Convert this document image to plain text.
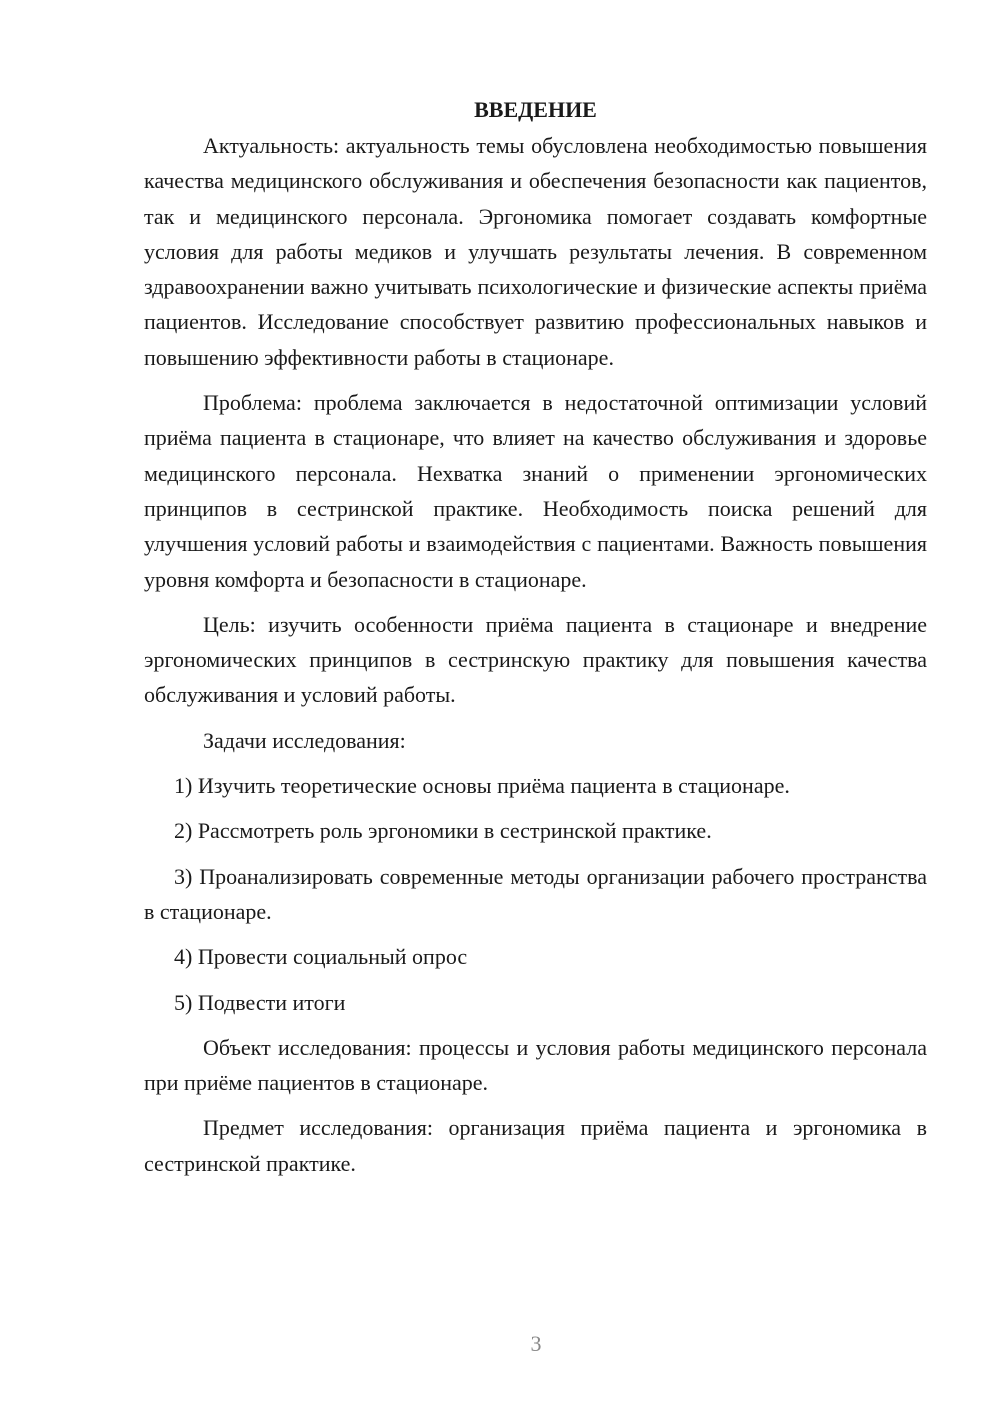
ВВЕДЕНИЕ

Актуальность: актуальность темы обусловлена необходимостью повышения качества медицинского обслуживания и обеспечения безопасности как пациентов, так и медицинского персонала. Эргономика помогает создавать комфортные условия для работы медиков и улучшать результаты лечения. В современном здравоохранении важно учитывать психологические и физические аспекты приёма пациентов. Исследование способствует развитию профессиональных навыков и повышению эффективности работы в стационаре.

Проблема: проблема заключается в недостаточной оптимизации условий приёма пациента в стационаре, что влияет на качество обслуживания и здоровье медицинского персонала. Нехватка знаний о применении эргономических принципов в сестринской практике. Необходимость поиска решений для улучшения условий работы и взаимодействия с пациентами. Важность повышения уровня комфорта и безопасности в стационаре.

Цель: изучить особенности приёма пациента в стационаре и внедрение эргономических принципов в сестринскую практику для повышения качества обслуживания и условий работы.

Задачи исследования:

1) Изучить теоретические основы приёма пациента в стационаре.

2) Рассмотреть роль эргономики в сестринской практике.

3) Проанализировать современные методы организации рабочего пространства в стационаре.

4) Провести социальный опрос

5) Подвести итоги

Объект исследования: процессы и условия работы медицинского персонала при приёме пациентов в стационаре.

Предмет исследования: организация приёма пациента и эргономика в сестринской практике.

3
